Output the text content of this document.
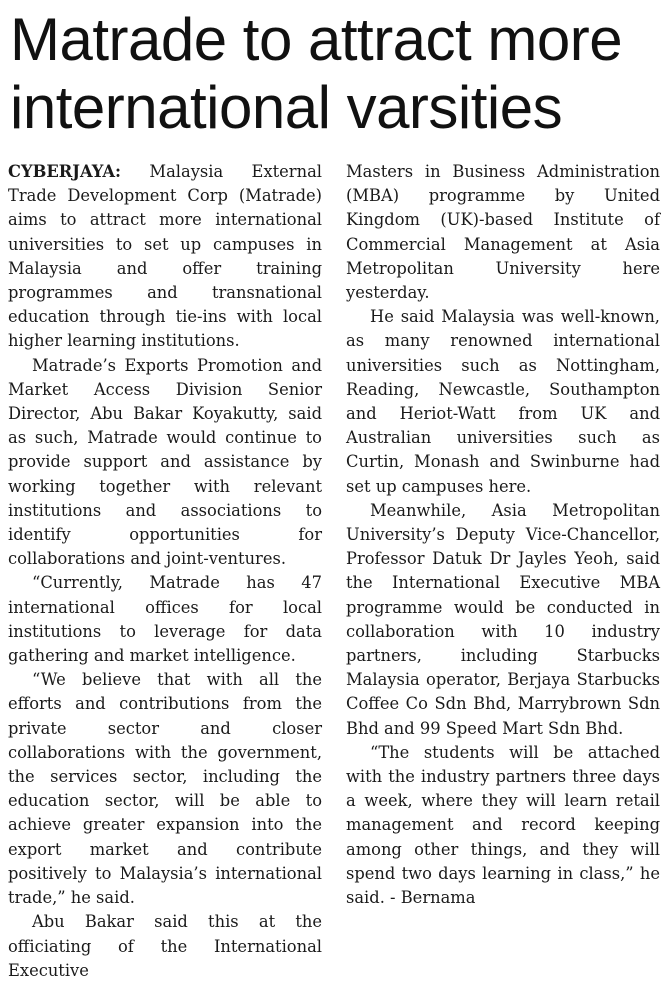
Matrade to attract more international varsities

CYBERJAYA: Malaysia External Trade Development Corp (Matrade) aims to attract more international universities to set up campuses in Malaysia and offer training programmes and transnational education through tie-ins with local higher learning institutions.

Matrade’s Exports Promotion and Market Access Division Senior Director, Abu Bakar Koyakutty, said as such, Matrade would continue to provide support and assistance by working together with relevant institutions and associations to identify opportunities for collaborations and joint-ventures.

“Currently, Matrade has 47 international offices for local institutions to leverage for data gathering and market intelligence.

“We believe that with all the efforts and contributions from the private sector and closer collaborations with the government, the services sector, including the education sector, will be able to achieve greater expansion into the export market and contribute positively to Malaysia’s international trade,” he said.

Abu Bakar said this at the officiating of the International Executive

Masters in Business Administration (MBA) programme by United Kingdom (UK)-based Institute of Commercial Management at Asia Metropolitan University here yesterday.

He said Malaysia was well-known, as many renowned international universities such as Nottingham, Reading, Newcastle, Southampton and Heriot-Watt from UK and Australian universities such as Curtin, Monash and Swinburne had set up campuses here.

Meanwhile, Asia Metropolitan University’s Deputy Vice-Chancellor, Professor Datuk Dr Jayles Yeoh, said the International Executive MBA programme would be conducted in collaboration with 10 industry partners, including Starbucks Malaysia operator, Berjaya Starbucks Coffee Co Sdn Bhd, Marrybrown Sdn Bhd and 99 Speed Mart Sdn Bhd.

“The students will be attached with the industry partners three days a week, where they will learn retail management and record keeping among other things, and they will spend two days learning in class,” he said. - Bernama
